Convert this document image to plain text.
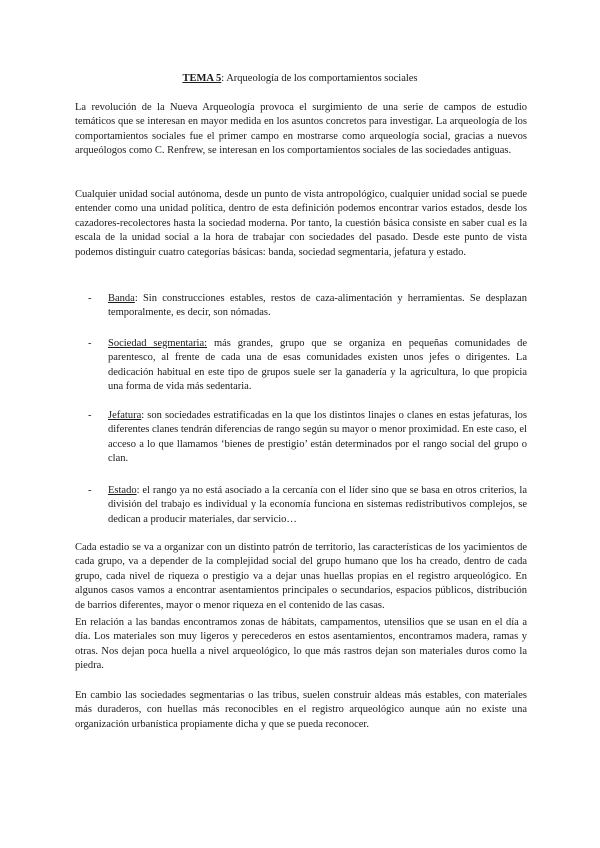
TEMA 5: Arqueología de los comportamientos sociales
La revolución de la Nueva Arqueología provoca el surgimiento de una serie de campos de estudio temáticos que se interesan en mayor medida en los asuntos concretos para investigar. La arqueología de los comportamientos sociales fue el primer campo en mostrarse como arqueología social, gracias a nuevos arqueólogos como C. Renfrew, se interesan en los comportamientos sociales de las sociedades antiguas.
Cualquier unidad social autónoma, desde un punto de vista antropológico, cualquier unidad social se puede entender como una unidad política, dentro de esta definición podemos encontrar varios estados, desde los cazadores-recolectores hasta la sociedad moderna. Por tanto, la cuestión básica consiste en saber cual es la escala de la unidad social a la hora de trabajar con sociedades del pasado. Desde este punto de vista podemos distinguir cuatro categorías básicas: banda, sociedad segmentaria, jefatura y estado.
- Banda: Sin construcciones estables, restos de caza-alimentación y herramientas. Se desplazan temporalmente, es decir, son nómadas.
- Sociedad segmentaria: más grandes, grupo que se organiza en pequeñas comunidades de parentesco, al frente de cada una de esas comunidades existen unos jefes o dirigentes. La dedicación habitual en este tipo de grupos suele ser la ganadería y la agricultura, lo que propicia una forma de vida más sedentaria.
- Jefatura: son sociedades estratificadas en la que los distintos linajes o clanes en estas jefaturas, los diferentes clanes tendrán diferencias de rango según su mayor o menor proximidad. En este caso, el acceso a lo que llamamos ‘bienes de prestigio’ están determinados por el rango social del grupo o clan.
- Estado: el rango ya no está asociado a la cercanía con el líder sino que se basa en otros criterios, la división del trabajo es individual y la economía funciona en sistemas redistributivos complejos, se dedican a producir materiales, dar servicio…
Cada estadio se va a organizar con un distinto patrón de territorio, las características de los yacimientos de cada grupo, va a depender de la complejidad social del grupo humano que los ha creado, dentro de cada grupo, cada nivel de riqueza o prestigio va a dejar unas huellas propias en el registro arqueológico. En algunos casos vamos a encontrar asentamientos principales o secundarios, espacios públicos, distribución de barrios diferentes, mayor o menor riqueza en el contenido de las casas.
En relación a las bandas encontramos zonas de hábitats, campamentos, utensilios que se usan en el día a día. Los materiales son muy ligeros y perecederos en estos asentamientos, encontramos madera, ramas y otras. Nos dejan poca huella a nivel arqueológico, lo que más rastros dejan son materiales duros como la piedra.
En cambio las sociedades segmentarias o las tribus, suelen construir aldeas más estables, con materiales más duraderos, con huellas más reconocibles en el registro arqueológico aunque aún no existe una organización urbanística propiamente dicha y que se pueda reconocer.
